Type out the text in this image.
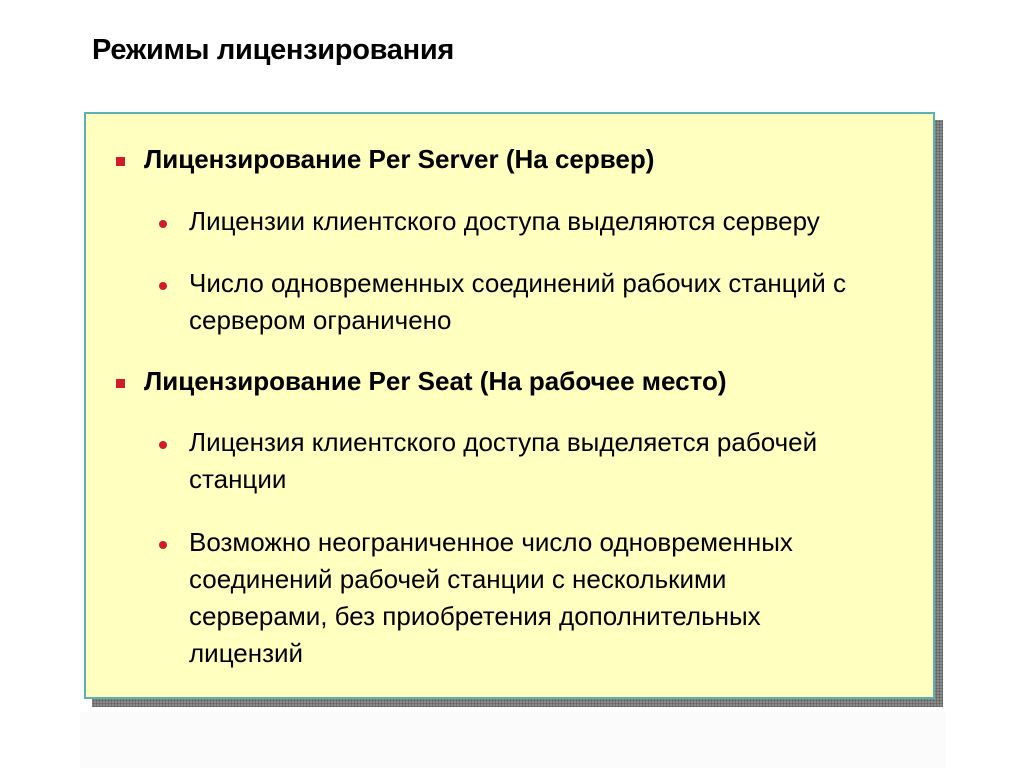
Режимы лицензирования
Лицензирование Per Server (На сервер)
Лицензии клиентского доступа выделяются серверу
Число одновременных соединений рабочих станций с сервером ограничено
Лицензирование Per Seat (На рабочее место)
Лицензия клиентского доступа выделяется рабочей станции
Возможно неограниченное число одновременных соединений рабочей станции с несколькими серверами, без приобретения дополнительных лицензий
